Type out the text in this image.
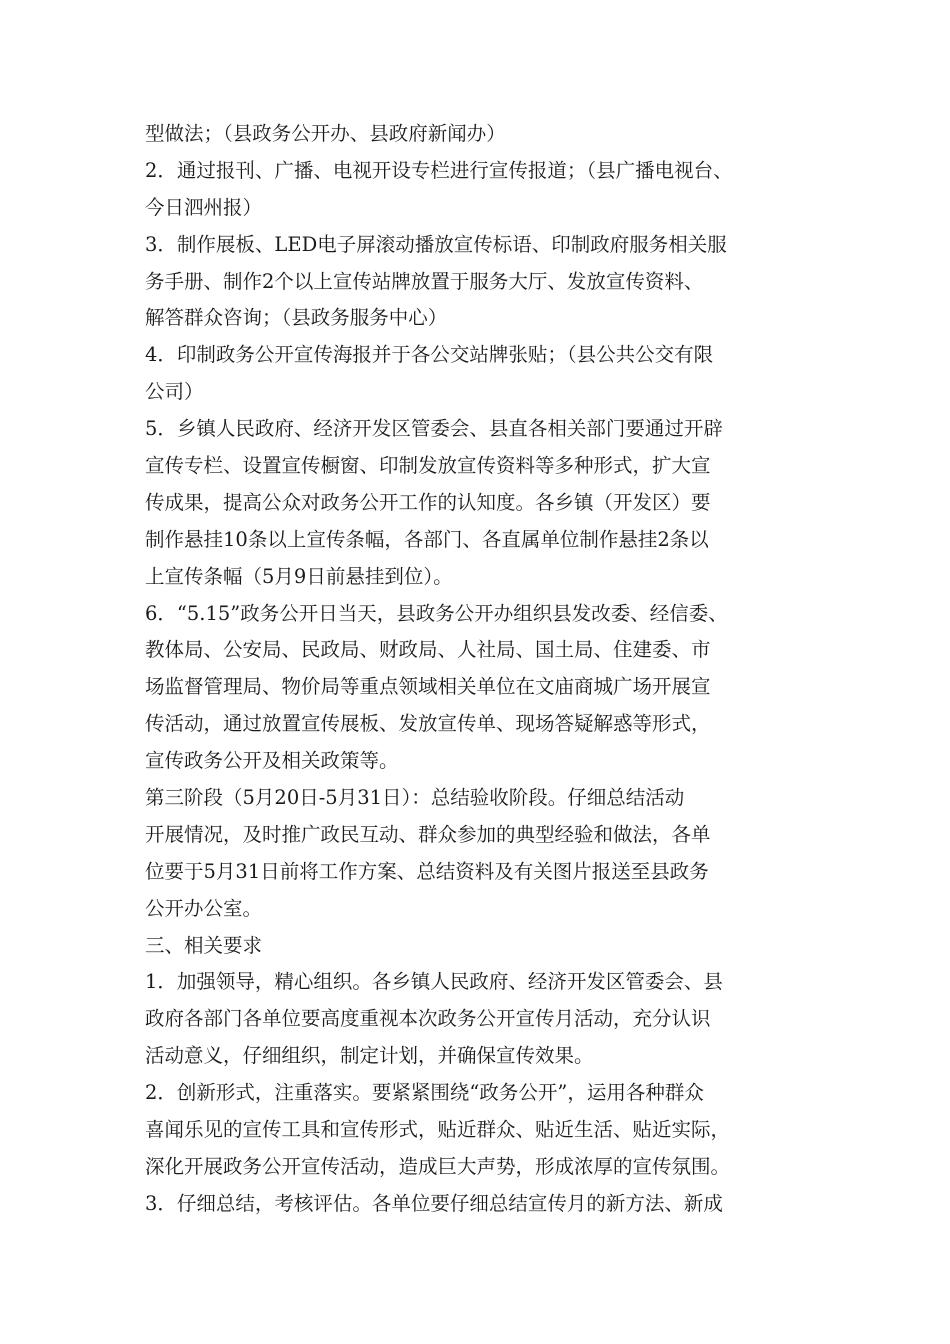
型做法；（县政务公开办、县政府新闻办）
2．通过报刊、广播、电视开设专栏进行宣传报道；（县广播电视台、
今日泗州报）
3．制作展板、LED电子屏滚动播放宣传标语、印制政府服务相关服
务手册、制作2个以上宣传站牌放置于服务大厅、发放宣传资料、
解答群众咨询；（县政务服务中心）
4．印制政务公开宣传海报并于各公交站牌张贴；（县公共公交有限
公司）
5．乡镇人民政府、经济开发区管委会、县直各相关部门要通过开辟
宣传专栏、设置宣传橱窗、印制发放宣传资料等多种形式，扩大宣
传成果，提高公众对政务公开工作的认知度。各乡镇（开发区）要
制作悬挂10条以上宣传条幅，各部门、各直属单位制作悬挂2条以
上宣传条幅（5月9日前悬挂到位）。
6．“5.15”政务公开日当天，县政务公开办组织县发改委、经信委、
教体局、公安局、民政局、财政局、人社局、国土局、住建委、市
场监督管理局、物价局等重点领域相关单位在文庙商城广场开展宣
传活动，通过放置宣传展板、发放宣传单、现场答疑解惑等形式，
宣传政务公开及相关政策等。
第三阶段（5月20日-5月31日）：总结验收阶段。仔细总结活动
开展情况，及时推广政民互动、群众参加的典型经验和做法，各单
位要于5月31日前将工作方案、总结资料及有关图片报送至县政务
公开办公室。
三、相关要求
1．加强领导，精心组织。各乡镇人民政府、经济开发区管委会、县
政府各部门各单位要高度重视本次政务公开宣传月活动，充分认识
活动意义，仔细组织，制定计划，并确保宣传效果。
2．创新形式，注重落实。要紧紧围绕“政务公开”，运用各种群众
喜闻乐见的宣传工具和宣传形式，贴近群众、贴近生活、贴近实际，
深化开展政务公开宣传活动，造成巨大声势，形成浓厚的宣传氛围。
3．仔细总结，考核评估。各单位要仔细总结宣传月的新方法、新成
